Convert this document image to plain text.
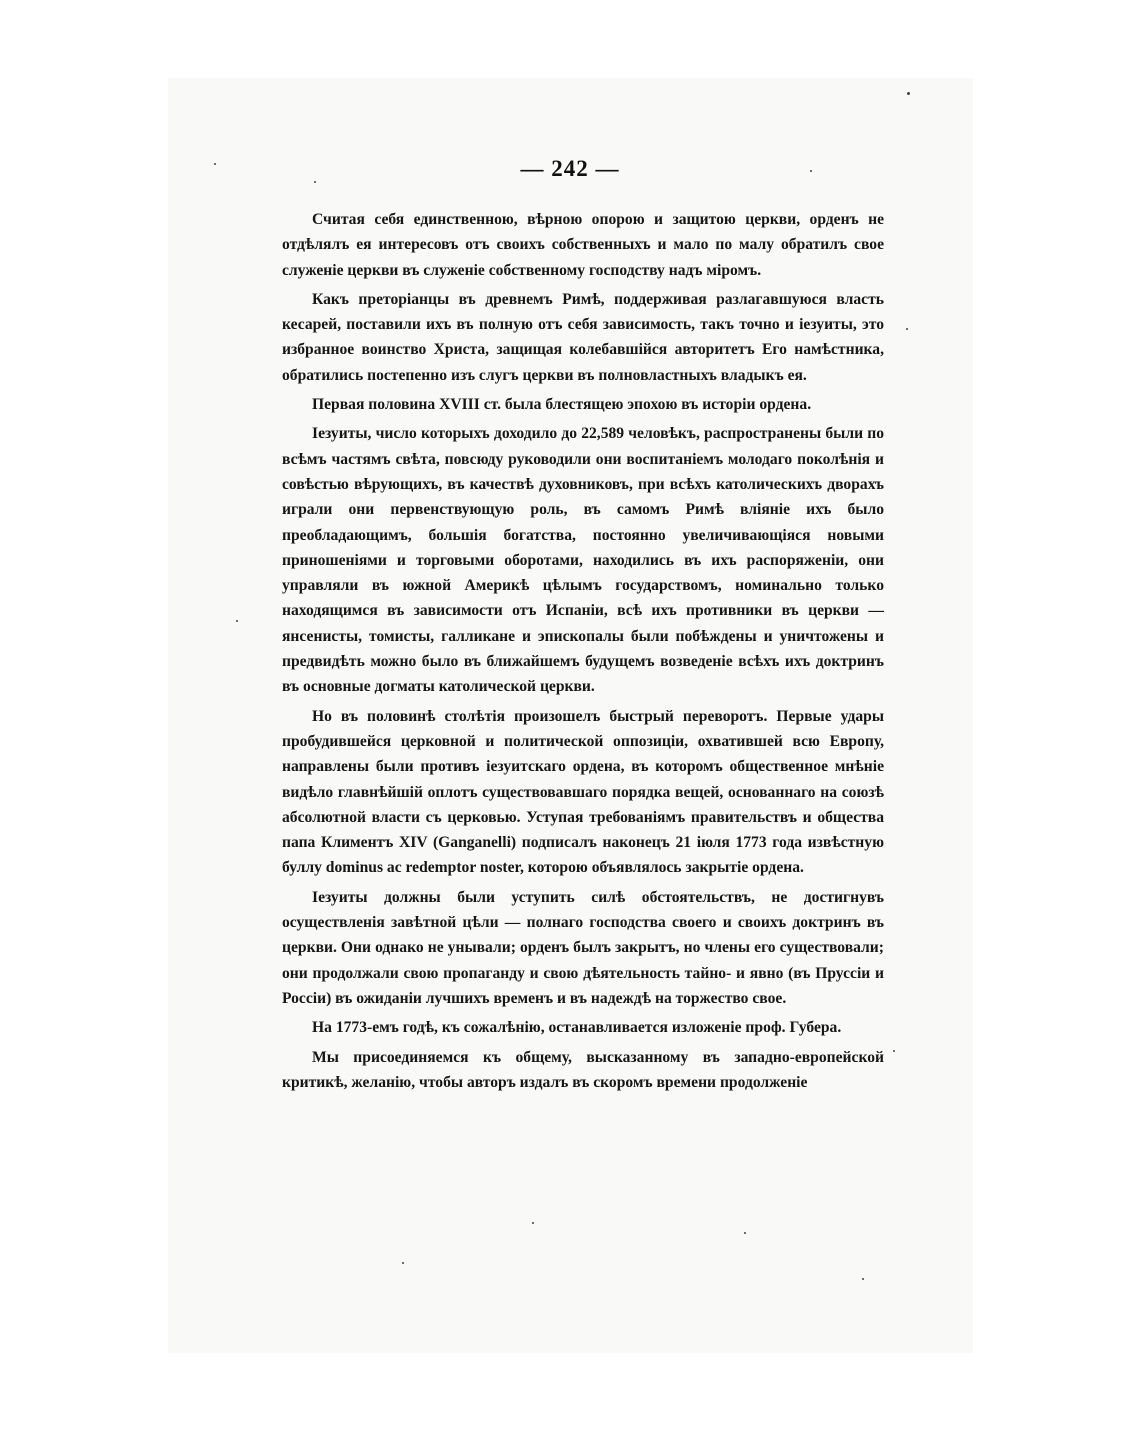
— 242 —

Считая себя единственною, вѣрною опорою и защитою церкви, орденъ не отдѣлялъ ея интересовъ отъ своихъ собственныхъ и мало по малу обратилъ свое служенiе церкви въ служенiе собственному господству надъ мiромъ.

Какъ преторiанцы въ древнемъ Римѣ, поддерживая разлагавшуюся власть кесарей, поставили ихъ въ полную отъ себя зависимость, такъ точно и iезуиты, это избранное воинство Христа, защищая колебавшiйся авторитетъ Его намѣстника, обратились постепенно изъ слугъ церкви въ полновластныхъ владыкъ ея.

Первая половина XVIII ст. была блестящею эпохою въ исторiи ордена.

Iезуиты, число которыхъ доходило до 22,589 человѣкъ, распространены были по всѣмъ частямъ свѣта, повсюду руководили они воспитанiемъ молодаго поколѣнiя и совѣстью вѣрующихъ, въ качествѣ духовниковъ, при всѣхъ католическихъ дворахъ играли они первенствующую роль, въ самомъ Римѣ влiянiе ихъ было преобладающимъ, большiя богатства, постоянно увеличивающiяся новыми приношенiями и торговыми оборотами, находились въ ихъ распоряженiи, они управляли въ южной Америкѣ цѣлымъ государствомъ, номинально только находящимся въ зависимости отъ Испанiи, всѣ ихъ противники въ церкви — янсенисты, томисты, галликане и эпископалы были побѣждены и уничтожены и предвидѣть можно было въ ближайшемъ будущемъ возведенiе всѣхъ ихъ доктринъ въ основные догматы католической церкви.

Но въ половинѣ столѣтiя произошелъ быстрый переворотъ. Первые удары пробудившейся церковной и политической оппозицiи, охватившей всю Европу, направлены были противъ iезуитскаго ордена, въ которомъ общественное мнѣнiе видѣло главнѣйшiй оплотъ существовавшаго порядка вещей, основаннаго на союзѣ абсолютной власти съ церковью. Уступая требованiямъ правительствъ и общества папа Климентъ XIV (Ganganelli) подписалъ наконецъ 21 iюля 1773 года извѣстную буллу dominus ac redemptor noster, которою объявлялось закрытiе ордена.

Iезуиты должны были уступить силѣ обстоятельствъ, не достигнувъ осуществленiя завѣтной цѣли — полнаго господства своего и своихъ доктринъ въ церкви. Они однако не унывали; орденъ былъ закрытъ, но члены его существовали; они продолжали свою пропаганду и свою дѣятельность тайно- и явно (въ Пруссiи и Россiи) въ ожиданiи лучшихъ временъ и въ надеждѣ на торжество свое.

На 1773-емъ годѣ, къ сожалѣнiю, останавливается изложенiе проф. Губера.

Мы присоединяемся къ общему, высказанному въ западно-европейской критикѣ, желанiю, чтобы авторъ издалъ въ скоромъ времени продолженiе
